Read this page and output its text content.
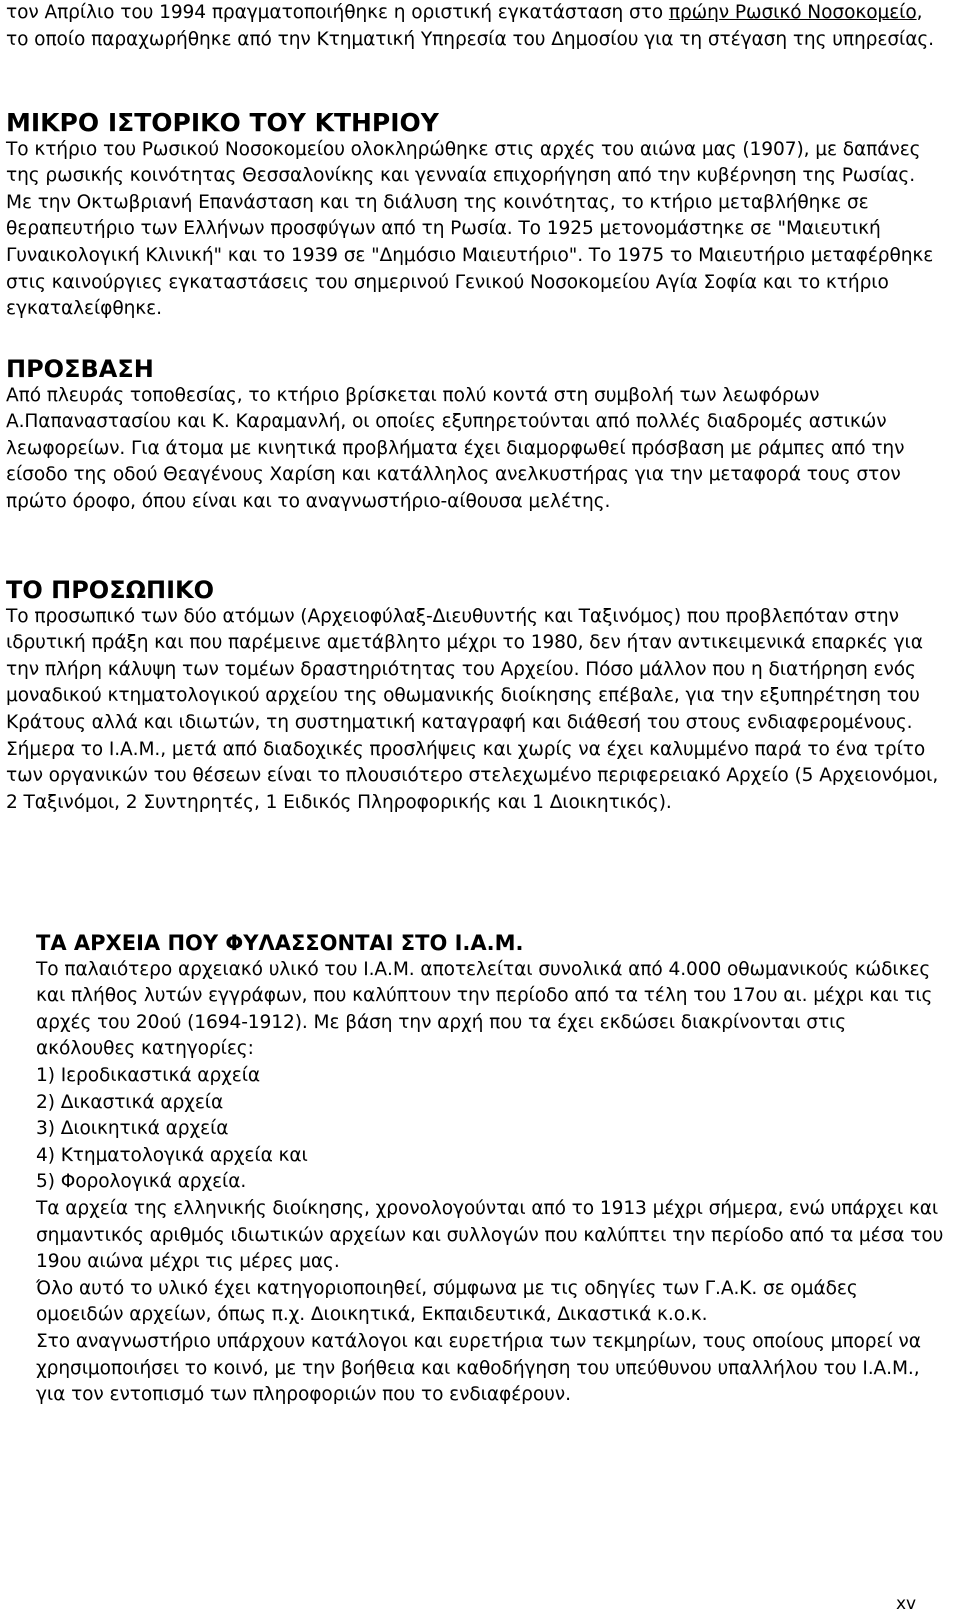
τον Απρίλιο του 1994 πραγματοποιήθηκε η οριστική εγκατάσταση στο πρώην Ρωσικό Νοσοκομείο, το οποίο παραχωρήθηκε από την Κτηματική Υπηρεσία του Δημοσίου για τη στέγαση της υπηρεσίας.

ΜΙΚΡΟ ΙΣΤΟΡΙΚΟ ΤΟΥ ΚΤΗΡΙΟΥ

Το κτήριο του Ρωσικού Νοσοκομείου ολοκληρώθηκε στις αρχές του αιώνα μας (1907), με δαπάνες της ρωσικής κοινότητας Θεσσαλονίκης και γενναία επιχορήγηση από την κυβέρνηση της Ρωσίας. Με την Οκτωβριανή Επανάσταση και τη διάλυση της κοινότητας, το κτήριο μεταβλήθηκε σε θεραπευτήριο των Ελλήνων προσφύγων από τη Ρωσία. Το 1925 μετονομάστηκε σε "Μαιευτική Γυναικολογική Κλινική" και το 1939 σε "Δημόσιο Μαιευτήριο". Το 1975 το Μαιευτήριο μεταφέρθηκε στις καινούργιες εγκαταστάσεις του σημερινού Γενικού Νοσοκομείου Αγία Σοφία και το κτήριο εγκαταλείφθηκε.

ΠΡΟΣΒΑΣΗ

Από πλευράς τοποθεσίας, το κτήριο βρίσκεται πολύ κοντά στη συμβολή των λεωφόρων Α.Παπαναστασίου και Κ. Καραμανλή, οι οποίες εξυπηρετούνται από πολλές διαδρομές αστικών λεωφορείων. Για άτομα με κινητικά προβλήματα έχει διαμορφωθεί πρόσβαση με ράμπες από την είσοδο της οδού Θεαγένους Χαρίση και κατάλληλος ανελκυστήρας για την μεταφορά τους στον πρώτο όροφο, όπου είναι και το αναγνωστήριο-αίθουσα μελέτης.

ΤΟ ΠΡΟΣΩΠΙΚΟ

Το προσωπικό των δύο ατόμων (Αρχειοφύλαξ-Διευθυντής και Ταξινόμος) που προβλεπόταν στην ιδρυτική πράξη και που παρέμεινε αμετάβλητο μέχρι το 1980, δεν ήταν αντικειμενικά επαρκές για την πλήρη κάλυψη των τομέων δραστηριότητας του Αρχείου. Πόσο μάλλον που η διατήρηση ενός μοναδικού κτηματολογικού αρχείου της οθωμανικής διοίκησης επέβαλε, για την εξυπηρέτηση του Κράτους αλλά και ιδιωτών, τη συστηματική καταγραφή και διάθεσή του στους ενδιαφερομένους.

Σήμερα το Ι.Α.Μ., μετά από διαδοχικές προσλήψεις και χωρίς να έχει καλυμμένο παρά το ένα τρίτο των οργανικών του θέσεων είναι το πλουσιότερο στελεχωμένο περιφερειακό Αρχείο (5 Αρχειονόμοι, 2 Ταξινόμοι, 2 Συντηρητές, 1 Ειδικός Πληροφορικής και 1 Διοικητικός).

ΤΑ ΑΡΧΕΙΑ ΠΟΥ ΦΥΛΑΣΣΟΝΤΑΙ ΣΤΟ Ι.Α.Μ.

Το παλαιότερο αρχειακό υλικό του Ι.Α.Μ. αποτελείται συνολικά από 4.000 οθωμανικούς κώδικες και πλήθος λυτών εγγράφων, που καλύπτουν την περίοδο από τα τέλη του 17ου αι. μέχρι και τις αρχές του 20ού (1694-1912). Με βάση την αρχή που τα έχει εκδώσει διακρίνονται στις ακόλουθες κατηγορίες:

1) Ιεροδικαστικά αρχεία

2) Δικαστικά αρχεία

3) Διοικητικά αρχεία

4) Κτηματολογικά αρχεία και

5) Φορολογικά αρχεία.

Τα αρχεία της ελληνικής διοίκησης, χρονολογούνται από το 1913 μέχρι σήμερα, ενώ υπάρχει και σημαντικός αριθμός ιδιωτικών αρχείων και συλλογών που καλύπτει την περίοδο από τα μέσα του 19ου αιώνα μέχρι τις μέρες μας.

Όλο αυτό το υλικό έχει κατηγοριοποιηθεί, σύμφωνα με τις οδηγίες των Γ.Α.Κ. σε ομάδες ομοειδών αρχείων, όπως π.χ. Διοικητικά, Εκπαιδευτικά, Δικαστικά κ.ο.κ.

Στο αναγνωστήριο υπάρχουν κατάλογοι και ευρετήρια των τεκμηρίων, τους οποίους μπορεί να χρησιμοποιήσει το κοινό, με την βοήθεια και καθοδήγηση του υπεύθυνου υπαλλήλου του Ι.Α.Μ., για τον εντοπισμό των πληροφοριών που το ενδιαφέρουν.

xv
